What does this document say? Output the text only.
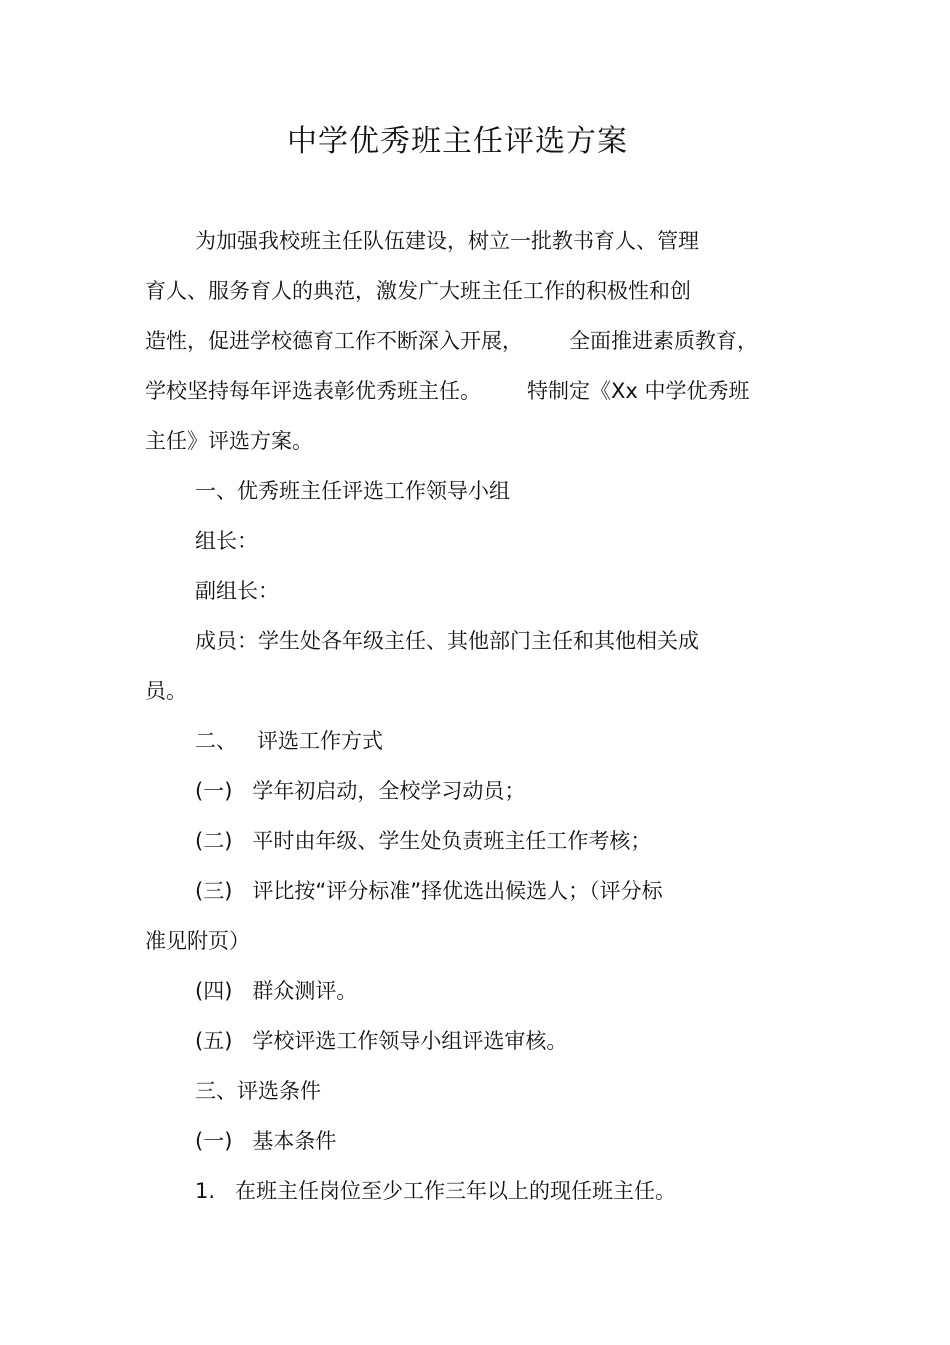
中学优秀班主任评选方案
为加强我校班主任队伍建设，树立一批教书育人、管理
育人、服务育人的典范，激发广大班主任工作的积极性和创
造性，促进学校德育工作不断深入开展， 全面推进素质教育，
学校坚持每年评选表彰优秀班主任。 特制定《Xx 中学优秀班
主任》评选方案。
一、优秀班主任评选工作领导小组
组长：
副组长：
成员：学生处各年级主任、其他部门主任和其他相关成
员。
二、 评选工作方式
(一) 学年初启动，全校学习动员；
(二) 平时由年级、学生处负责班主任工作考核；
(三) 评比按“评分标准”择优选出候选人；（评分标
准见附页）
(四) 群众测评。
(五) 学校评选工作领导小组评选审核。
三、评选条件
(一) 基本条件
1. 在班主任岗位至少工作三年以上的现任班主任。
